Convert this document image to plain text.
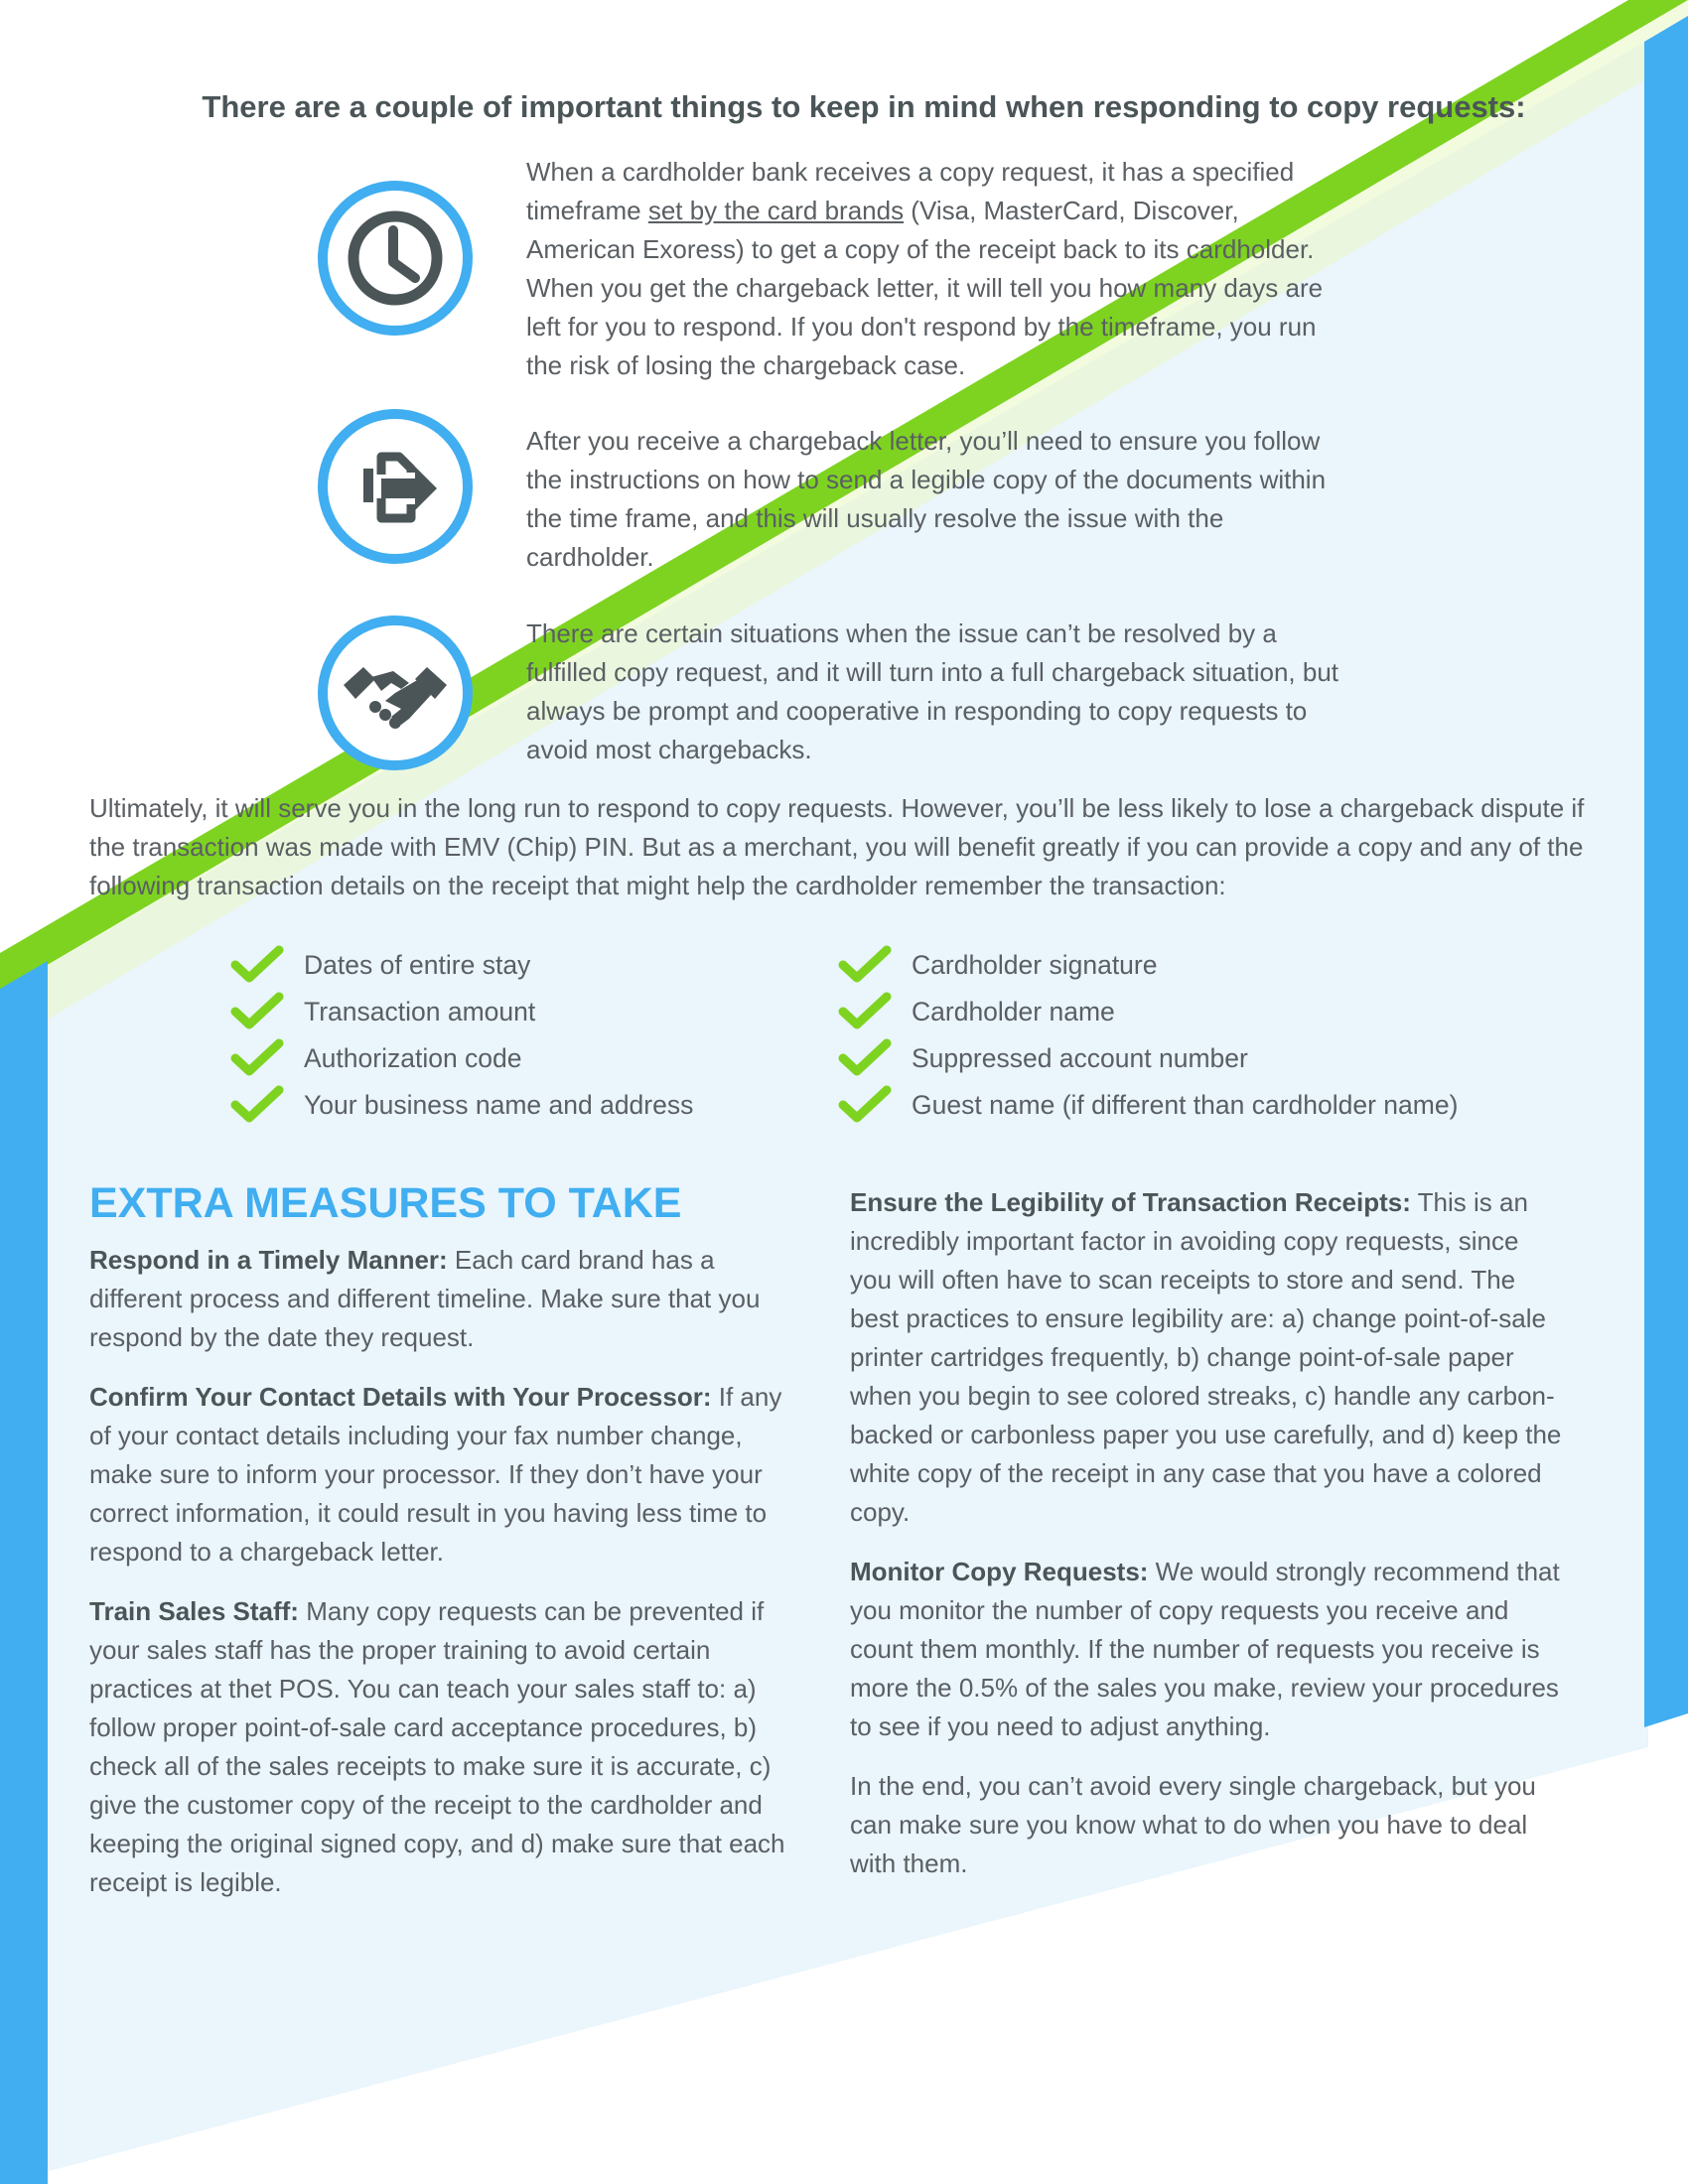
There are a couple of important things to keep in mind when responding to copy requests:
When a cardholder bank receives a copy request, it has a specified timeframe set by the card brands (Visa, MasterCard, Discover, American Exoress) to get a copy of the receipt back to its cardholder. When you get the chargeback letter, it will tell you how many days are left for you to respond. If you don't respond by the timeframe, you run the risk of losing the chargeback case.
After you receive a chargeback letter, you’ll need to ensure you follow the instructions on how to send a legible copy of the documents within the time frame, and this will usually resolve the issue with the cardholder.
There are certain situations when the issue can’t be resolved by a fulfilled copy request, and it will turn into a full chargeback situation, but always be prompt and cooperative in responding to copy requests to avoid most chargebacks.
Ultimately, it will serve you in the long run to respond to copy requests. However, you’ll be less likely to lose a chargeback dispute if the transaction was made with EMV (Chip) PIN. But as a merchant, you will benefit greatly if you can provide a copy and any of the following transaction details on the receipt that might help the cardholder remember the transaction:
Dates of entire stay
Transaction amount
Authorization code
Your business name and address
Cardholder signature
Cardholder name
Suppressed account number
Guest name (if different than cardholder name)
EXTRA MEASURES TO TAKE

Respond in a Timely Manner: Each card brand has a different process and different timeline. Make sure that you respond by the date they request.

Confirm Your Contact Details with Your Processor: If any of your contact details including your fax number change, make sure to inform your processor. If they don’t have your correct information, it could result in you having less time to respond to a chargeback letter.

Train Sales Staff: Many copy requests can be prevented if your sales staff has the proper training to avoid certain practices at thet POS. You can teach your sales staff to: a) follow proper point-of-sale card acceptance procedures, b) check all of the sales receipts to make sure it is accurate, c) give the customer copy of the receipt to the cardholder and keeping the original signed copy, and d) make sure that each receipt is legible.

Ensure the Legibility of Transaction Receipts: This is an incredibly important factor in avoiding copy requests, since you will often have to scan receipts to store and send. The best practices to ensure legibility are: a) change point-of-sale printer cartridges frequently, b) change point-of-sale paper when you begin to see colored streaks, c) handle any carbon-backed or carbonless paper you use carefully, and d) keep the white copy of the receipt in any case that you have a colored copy.

Monitor Copy Requests: We would strongly recommend that you monitor the number of copy requests you receive and count them monthly. If the number of requests you receive is more the 0.5% of the sales you make, review your procedures to see if you need to adjust anything.

In the end, you can’t avoid every single chargeback, but you can make sure you know what to do when you have to deal with them.
